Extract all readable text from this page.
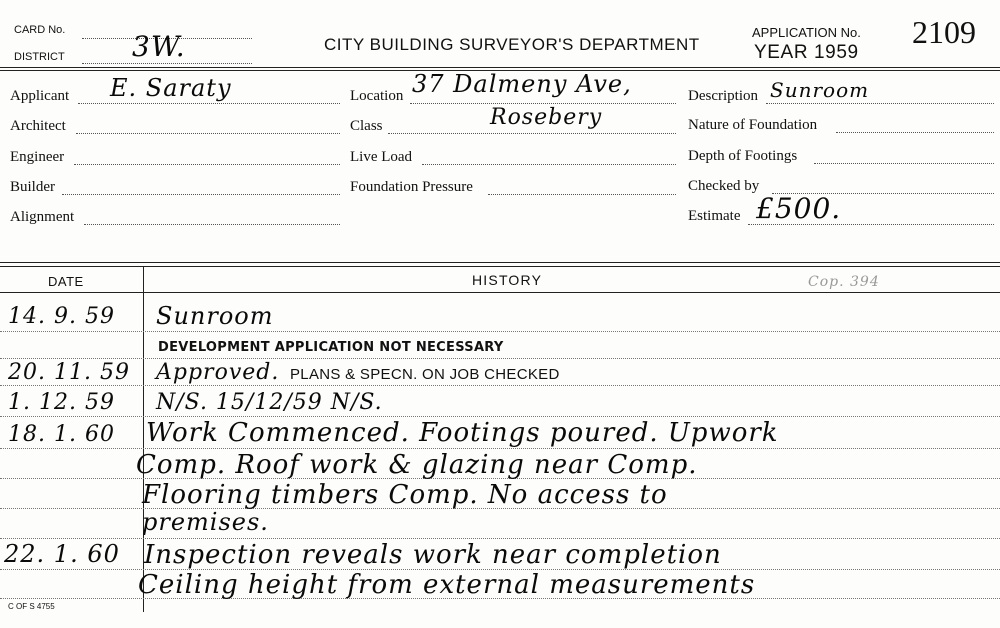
CARD No.
DISTRICT 3W.	CITY BUILDING SURVEYOR'S DEPARTMENT
APPLICATION No. 2109
YEAR 1959
Applicant E. Saraty
Architect
Engineer
Builder
Alignment
Location 37 Dalmeny Ave,
Class	Rosebery
Live Load
Foundation Pressure
Description Sunroom
Nature of Foundation
Depth of Footings
Checked by
Estimate £500.
DATE	HISTORY	Cop. 394
14. 9. 59 Sunroom
DEVELOPMENT APPLICATION NOT NECESSARY
20. 11. 59 Approved. PLANS & SPECN. ON JOB CHECKED
1. 12. 59 N/S. 15/12/59 N/S.
18. 1. 60 Work Commenced. Footings poured. Upwork
Comp. Roof work & glazing near Comp.
Flooring timbers Comp. No access to
premises.
22. 1. 60 Inspection reveals work near completion
Ceiling height from external measurements
C OF S 4755
